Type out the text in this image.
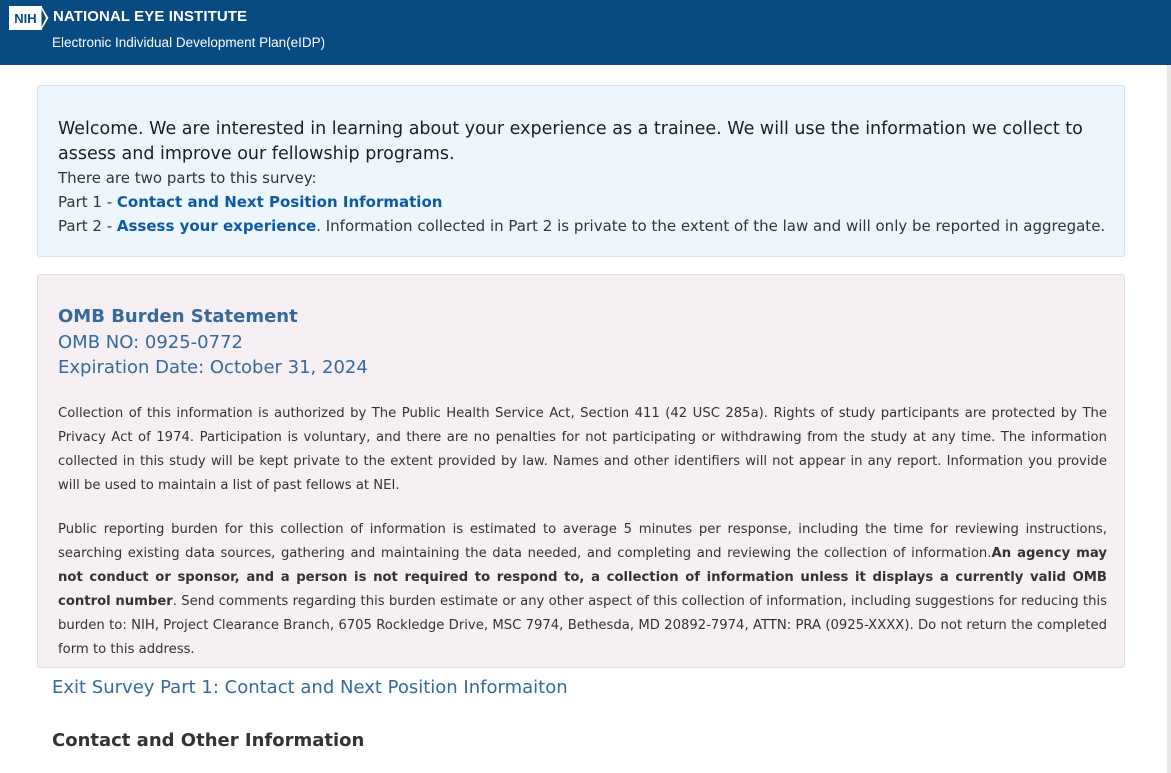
NIH NATIONAL EYE INSTITUTE
Electronic Individual Development Plan(eIDP)

Welcome. We are interested in learning about your experience as a trainee. We will use the information we collect to assess and improve our fellowship programs.

There are two parts to this survey:

Part 1 - Contact and Next Position Information

Part 2 - Assess your experience. Information collected in Part 2 is private to the extent of the law and will only be reported in aggregate.

OMB Burden Statement

OMB NO: 0925-0772

Expiration Date: October 31, 2024

Collection of this information is authorized by The Public Health Service Act, Section 411 (42 USC 285a). Rights of study participants are protected by The Privacy Act of 1974. Participation is voluntary, and there are no penalties for not participating or withdrawing from the study at any time. The information collected in this study will be kept private to the extent provided by law. Names and other identifiers will not appear in any report. Information you provide will be used to maintain a list of past fellows at NEI.

Public reporting burden for this collection of information is estimated to average 5 minutes per response, including the time for reviewing instructions, searching existing data sources, gathering and maintaining the data needed, and completing and reviewing the collection of information.An agency may not conduct or sponsor, and a person is not required to respond to, a collection of information unless it displays a currently valid OMB control number. Send comments regarding this burden estimate or any other aspect of this collection of information, including suggestions for reducing this burden to: NIH, Project Clearance Branch, 6705 Rockledge Drive, MSC 7974, Bethesda, MD 20892-7974, ATTN: PRA (0925-XXXX). Do not return the completed form to this address.

Exit Survey Part 1: Contact and Next Position Informaiton

Contact and Other Information
